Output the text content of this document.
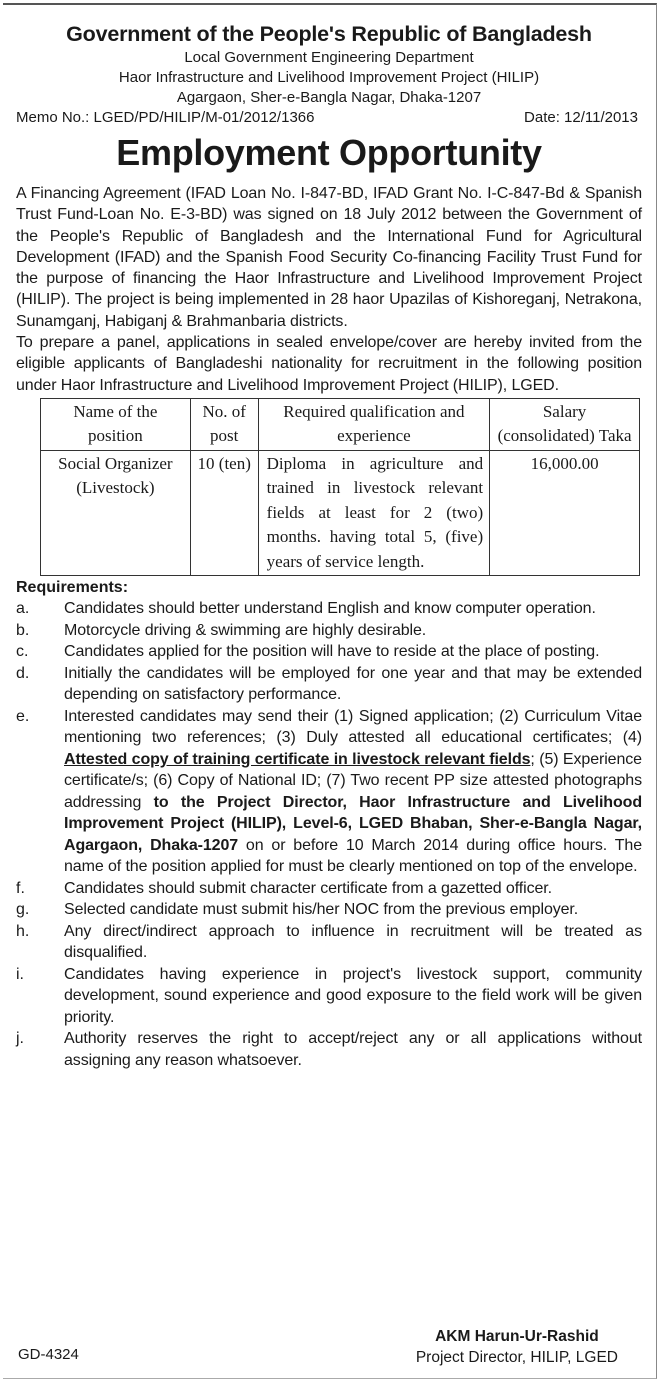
Government of the People's Republic of Bangladesh
Local Government Engineering Department
Haor Infrastructure and Livelihood Improvement Project (HILIP)
Agargaon, Sher-e-Bangla Nagar, Dhaka-1207
Memo No.: LGED/PD/HILIP/M-01/2012/1366	Date: 12/11/2013
Employment Opportunity

A Financing Agreement (IFAD Loan No. I-847-BD, IFAD Grant No. I-C-847-Bd & Spanish Trust Fund-Loan No. E-3-BD) was signed on 18 July 2012 between the Government of the People's Republic of Bangladesh and the International Fund for Agricultural Development (IFAD) and the Spanish Food Security Co-financing Facility Trust Fund for the purpose of financing the Haor Infrastructure and Livelihood Improvement Project (HILIP). The project is being implemented in 28 haor Upazilas of Kishoreganj, Netrakona, Sunamganj, Habiganj & Brahmanbaria districts.

To prepare a panel, applications in sealed envelope/cover are hereby invited from the eligible applicants of Bangladeshi nationality for recruitment in the following position under Haor Infrastructure and Livelihood Improvement Project (HILIP), LGED.

Name of the position	No. of post	Required qualification and experience	Salary (consolidated) Taka
Social Organizer (Livestock)	10 (ten)	Diploma in agriculture and trained in livestock relevant fields at least for 2 (two) months. having total 5, (five) years of service length.	16,000.00
Requirements:
a.	Candidates should better understand English and know computer operation.
b.	Motorcycle driving & swimming are highly desirable.
c.	Candidates applied for the position will have to reside at the place of posting.
d.	Initially the candidates will be employed for one year and that may be extended depending on satisfactory performance.
e.	Interested candidates may send their (1) Signed application; (2) Curriculum Vitae mentioning two references; (3) Duly attested all educational certificates; (4) Attested copy of training certificate in livestock relevant fields; (5) Experience certificate/s; (6) Copy of National ID; (7) Two recent PP size attested photographs addressing to the Project Director, Haor Infrastructure and Livelihood Improvement Project (HILIP), Level-6, LGED Bhaban, Sher-e-Bangla Nagar, Agargaon, Dhaka-1207 on or before 10 March 2014 during office hours. The name of the position applied for must be clearly mentioned on top of the envelope.
f.	Candidates should submit character certificate from a gazetted officer.
g.	Selected candidate must submit his/her NOC from the previous employer.
h.	Any direct/indirect approach to influence in recruitment will be treated as disqualified.
i.	Candidates having experience in project's livestock support, community development, sound experience and good exposure to the field work will be given priority.
j.	Authority reserves the right to accept/reject any or all applications without assigning any reason whatsoever.
GD-4324
AKM Harun-Ur-Rashid
Project Director, HILIP, LGED
